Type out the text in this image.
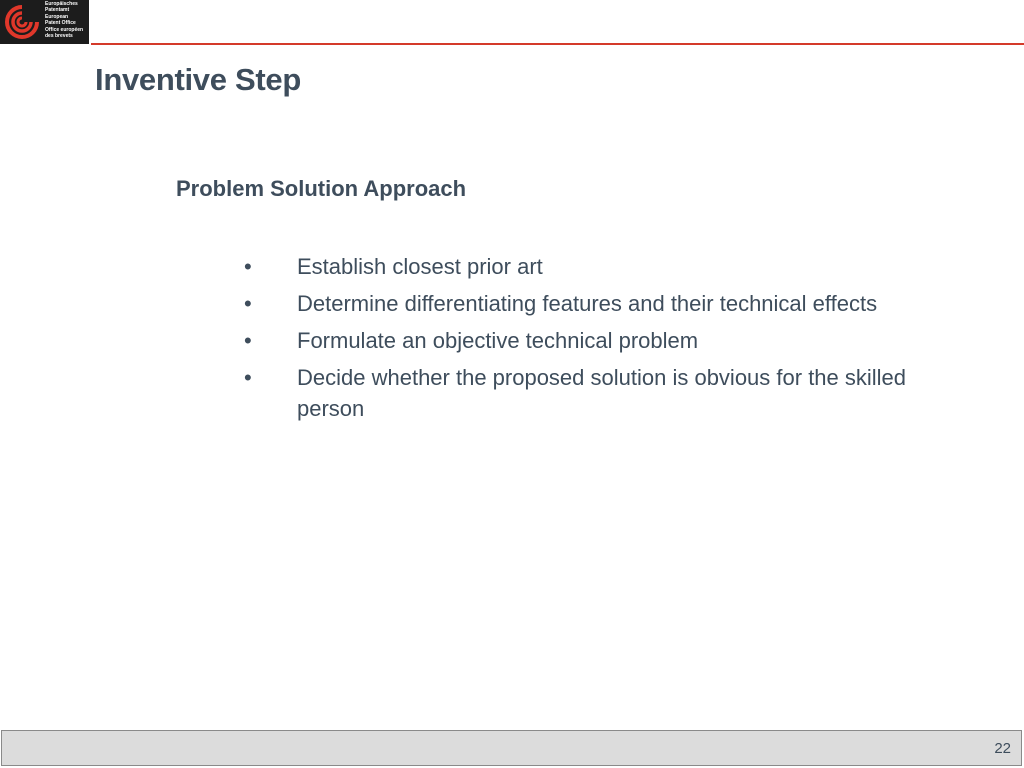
Europäisches
Patentamt
European
Patent Office
Office européen
des brevets
Inventive Step
Problem Solution Approach
•	Establish closest prior art
•	Determine differentiating features and their technical effects
•	Formulate an objective technical problem
•	Decide whether the proposed solution is obvious for the skilled person
22
